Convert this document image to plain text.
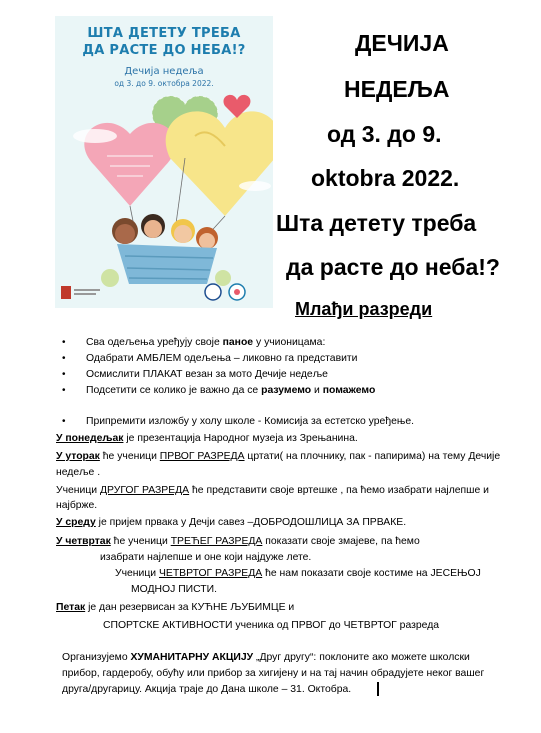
ШТА ДЕТЕТУ ТРЕБА
ДА РАСТЕ ДО НЕБА!?
Дечија недеља
од 3. до 9. октобра 2022.
ДЕЧИЈА
НЕДЕЉА
од 3. до 9.
oktobra 2022.
Шта детету треба
да расте до неба!?
Млађи разреди
• Сва одељења уређују своје паное у учионицама:
• Одабрати АМБЛЕМ одељења – ликовно га представити
• Осмислити ПЛАКАТ везан за мото Дечије недеље
• Подсетити се колико је важно да се разумемо и помажемо
• Припремити изложбу у холу школе - Комисија за естетско уређење.
У понедељак је презентација Народног музеја из Зрењанина.
У уторак ће ученици ПРВОГ РАЗРЕДА цртати( на плочнику, пак - папирима) на тему Дечије
недеље .
Ученици ДРУГОГ РАЗРЕДА ће представити своје вртешке , па ћемо изабрати најлепше и
најбрже.
У среду је пријем првака у Дечји савез –ДОБРОДОШЛИЦА ЗА ПРВАКЕ.
У четвртак ће ученици ТРЕЋЕГ РАЗРЕДА показати своје змајеве, па ћемо
изабрати најлепше и оне који најдуже лете.
Ученици ЧЕТВРТОГ РАЗРЕДА ће нам показати своје костиме на ЈЕСЕЊОЈ
МОДНОЈ ПИСТИ.
Петак је дан резервисан за КУЋНЕ ЉУБИМЦЕ и
СПОРТСКЕ АКТИВНОСТИ ученика од ПРВОГ до ЧЕТВРТОГ разреда
Организујемо ХУМАНИТАРНУ АКЦИЈУ „Друг другу“: поклоните ако можете школски
прибор, гардеробу, обућу или прибор за хигијену и на тај начин обрадујете неког вашег
друга/другарицу. Акција траје до Дана школе – 31. Октобра.
